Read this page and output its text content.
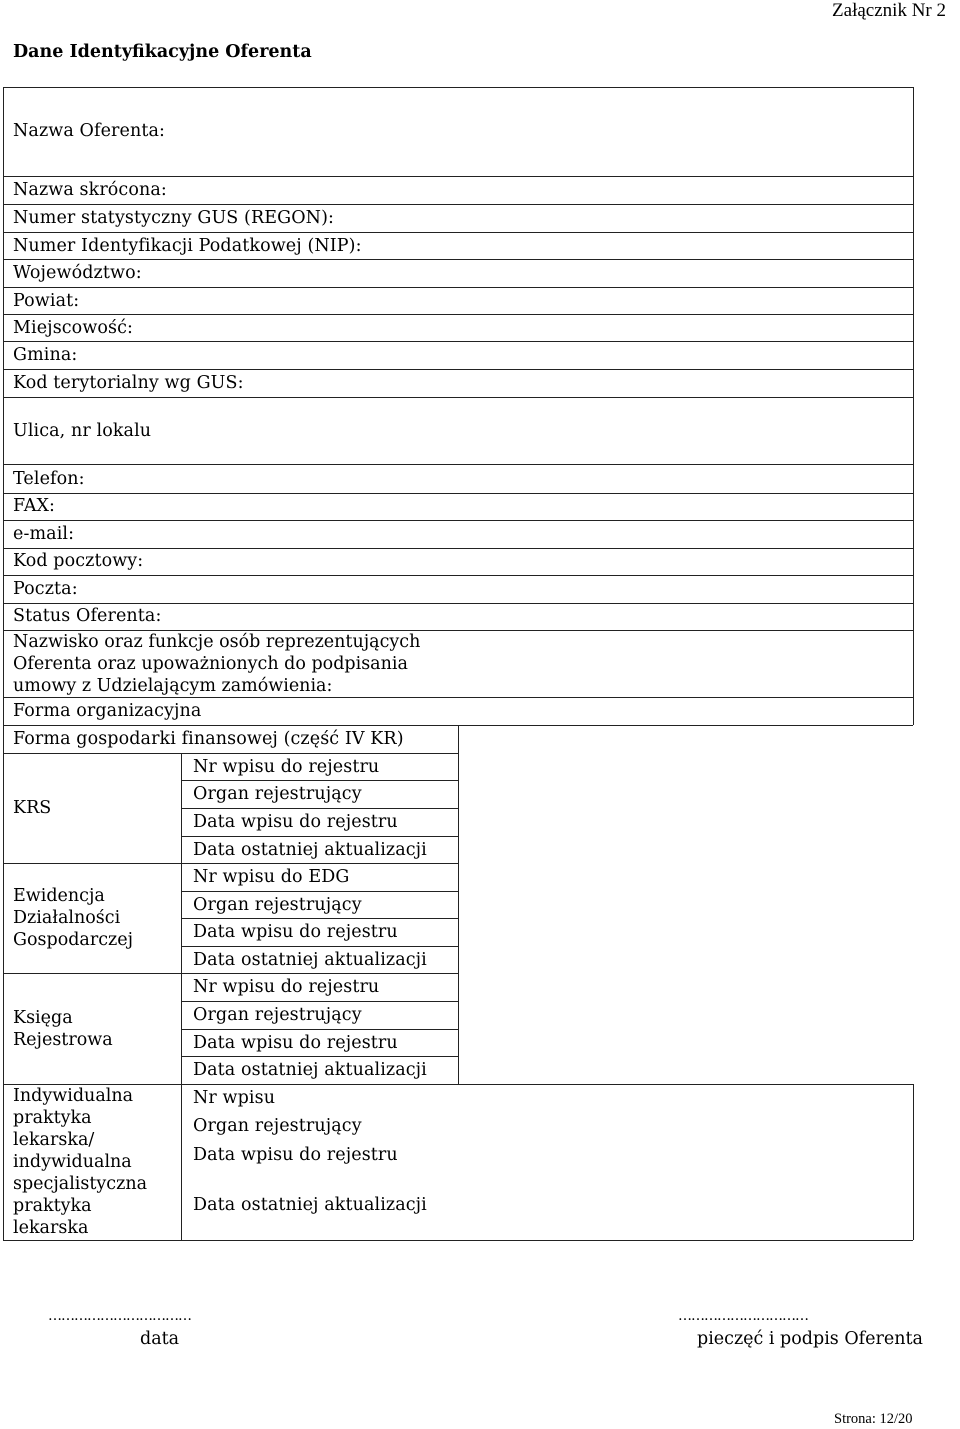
Załącznik Nr 2
Dane Identyfikacyjne Oferenta
Nazwa Oferenta:
Nazwa skrócona:
Numer statystyczny GUS (REGON):
Numer Identyfikacji Podatkowej (NIP):
Województwo:
Powiat:
Miejscowość:
Gmina:
Kod terytorialny wg GUS:
Ulica, nr lokalu
Telefon:
FAX:
e-mail:
Kod pocztowy:
Poczta:
Status Oferenta:
Nazwisko oraz funkcje osób reprezentujących
Oferenta oraz upoważnionych do podpisania
umowy z Udzielającym zamówienia:
Forma organizacyjna
Forma gospodarki finansowej (część IV KR)
KRS
Ewidencja
Działalności
Gospodarczej
Księga
Rejestrowa
Indywidualna
praktyka
lekarska/
indywidualna
specjalistyczna
praktyka
lekarska
Nr wpisu do rejestru
Organ rejestrujący
Data wpisu do rejestru
Data ostatniej aktualizacji
Nr wpisu do EDG
Organ rejestrujący
Data wpisu do rejestru
Data ostatniej aktualizacji
Nr wpisu do rejestru
Organ rejestrujący
Data wpisu do rejestru
Data ostatniej aktualizacji
Nr wpisu
Organ rejestrujący
Data wpisu do rejestru
Data ostatniej aktualizacji
……………………………
data
…………………………
pieczęć i podpis Oferenta
Strona: 12/20
